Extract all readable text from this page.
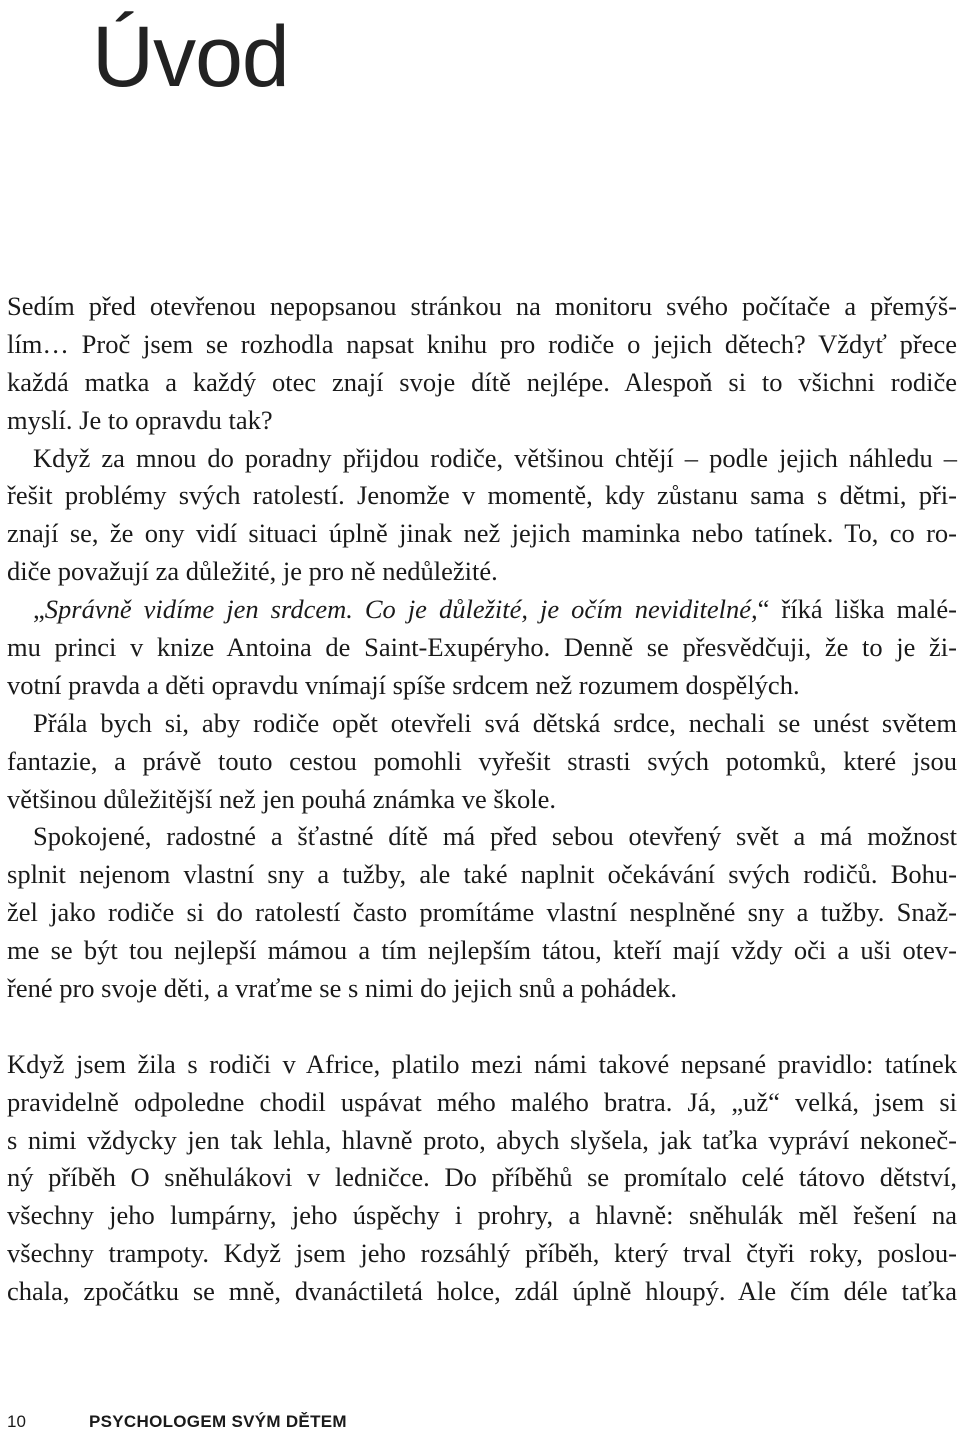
Úvod
Sedím před otevřenou nepopsanou stránkou na monitoru svého počítače a přemýš-
lím… Proč jsem se rozhodla napsat knihu pro rodiče o jejich dětech? Vždyť přece
každá matka a každý otec znají svoje dítě nejlépe. Alespoň si to všichni rodiče
myslí. Je to opravdu tak?
Když za mnou do poradny přijdou rodiče, většinou chtějí – podle jejich náhledu –
řešit problémy svých ratolestí. Jenomže v momentě, kdy zůstanu sama s dětmi, při-
znají se, že ony vidí situaci úplně jinak než jejich maminka nebo tatínek. To, co ro-
diče považují za důležité, je pro ně nedůležité.
„Správně vidíme jen srdcem. Co je důležité, je očím neviditelné,“ říká liška malé-
mu princi v knize Antoina de Saint-Exupéryho. Denně se přesvědčuji, že to je ži-
votní pravda a děti opravdu vnímají spíše srdcem než rozumem dospělých.
Přála bych si, aby rodiče opět otevřeli svá dětská srdce, nechali se unést světem
fantazie, a právě touto cestou pomohli vyřešit strasti svých potomků, které jsou
většinou důležitější než jen pouhá známka ve škole.
Spokojené, radostné a šťastné dítě má před sebou otevřený svět a má možnost
splnit nejenom vlastní sny a tužby, ale také naplnit očekávání svých rodičů. Bohu-
žel jako rodiče si do ratolestí často promítáme vlastní nesplněné sny a tužby. Snaž-
me se být tou nejlepší mámou a tím nejlepším tátou, kteří mají vždy oči a uši otev-
řené pro svoje děti, a vraťme se s nimi do jejich snů a pohádek.
Když jsem žila s rodiči v Africe, platilo mezi námi takové nepsané pravidlo: tatínek
pravidelně odpoledne chodil uspávat mého malého bratra. Já, „už“ velká, jsem si
s nimi vždycky jen tak lehla, hlavně proto, abych slyšela, jak taťka vypráví nekoneč-
ný příběh O sněhulákovi v ledničce. Do příběhů se promítalo celé tátovo dětství,
všechny jeho lumpárny, jeho úspěchy i prohry, a hlavně: sněhulák měl řešení na
všechny trampoty. Když jsem jeho rozsáhlý příběh, který trval čtyři roky, poslou-
chala, zpočátku se mně, dvanáctiletá holce, zdál úplně hloupý. Ale čím déle taťka
10	PSYCHOLOGEM SVÝM DĚTEM
